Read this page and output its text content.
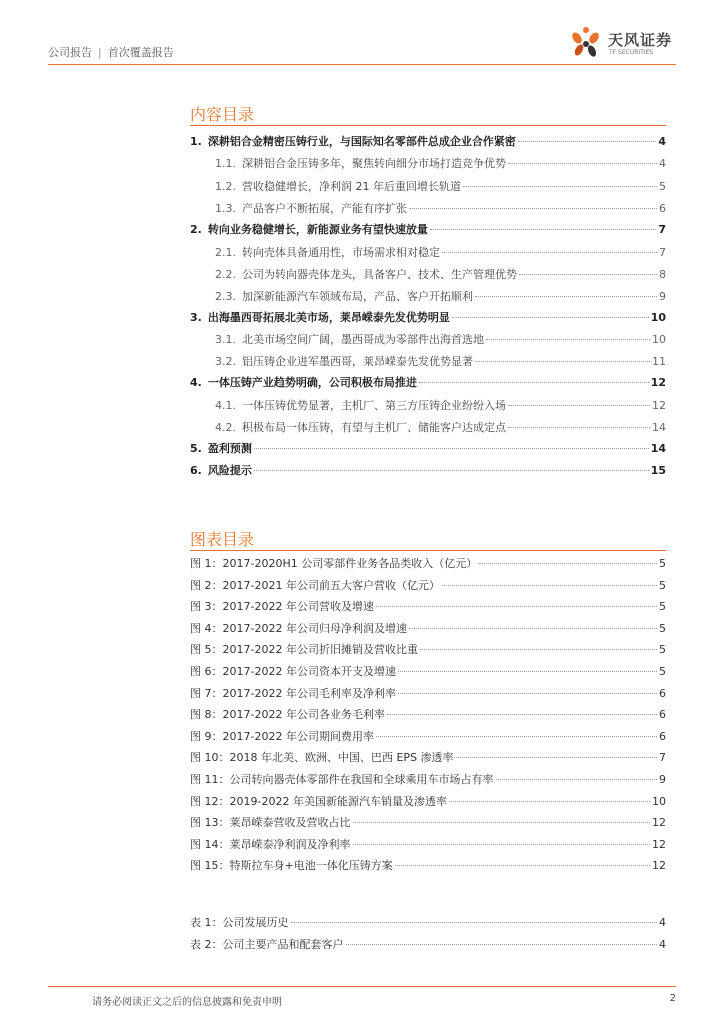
公司报告 | 首次覆盖报告
天风证券
TF SECURITIES
内容目录
1. 深耕铝合金精密压铸行业，与国际知名零部件总成企业合作紧密	4
1.1. 深耕铝合金压铸多年，聚焦转向细分市场打造竞争优势	4
1.2. 营收稳健增长，净利润 21 年后重回增长轨道	5
1.3. 产品客户不断拓展，产能有序扩张	6
2. 转向业务稳健增长，新能源业务有望快速放量	7
2.1. 转向壳体具备通用性，市场需求相对稳定	7
2.2. 公司为转向器壳体龙头，具备客户、技术、生产管理优势	8
2.3. 加深新能源汽车领域布局，产品、客户开拓顺利	9
3. 出海墨西哥拓展北美市场，莱昂嵘泰先发优势明显	10
3.1. 北美市场空间广阔，墨西哥成为零部件出海首选地	10
3.2. 铝压铸企业进军墨西哥，莱昂嵘泰先发优势显著	11
4. 一体压铸产业趋势明确，公司积极布局推进	12
4.1. 一体压铸优势显著，主机厂、第三方压铸企业纷纷入场	12
4.2. 积极布局一体压铸，有望与主机厂、储能客户达成定点	14
5. 盈利预测	14
6. 风险提示	15
图表目录
图 1：2017-2020H1 公司零部件业务各品类收入（亿元）	5
图 2：2017-2021 年公司前五大客户营收（亿元）	5
图 3：2017-2022 年公司营收及增速	5
图 4：2017-2022 年公司归母净利润及增速	5
图 5：2017-2022 年公司折旧摊销及营收比重	5
图 6：2017-2022 年公司资本开支及增速	5
图 7：2017-2022 年公司毛利率及净利率	6
图 8：2017-2022 年公司各业务毛利率	6
图 9：2017-2022 年公司期间费用率	6
图 10：2018 年北美、欧洲、中国、巴西 EPS 渗透率	7
图 11：公司转向器壳体零部件在我国和全球乘用车市场占有率	9
图 12：2019-2022 年美国新能源汽车销量及渗透率	10
图 13：莱昂嵘泰营收及营收占比	12
图 14：莱昂嵘泰净利润及净利率	12
图 15：特斯拉车身+电池一体化压铸方案	12
表 1：公司发展历史	4
表 2：公司主要产品和配套客户	4
请务必阅读正文之后的信息披露和免责申明	2
